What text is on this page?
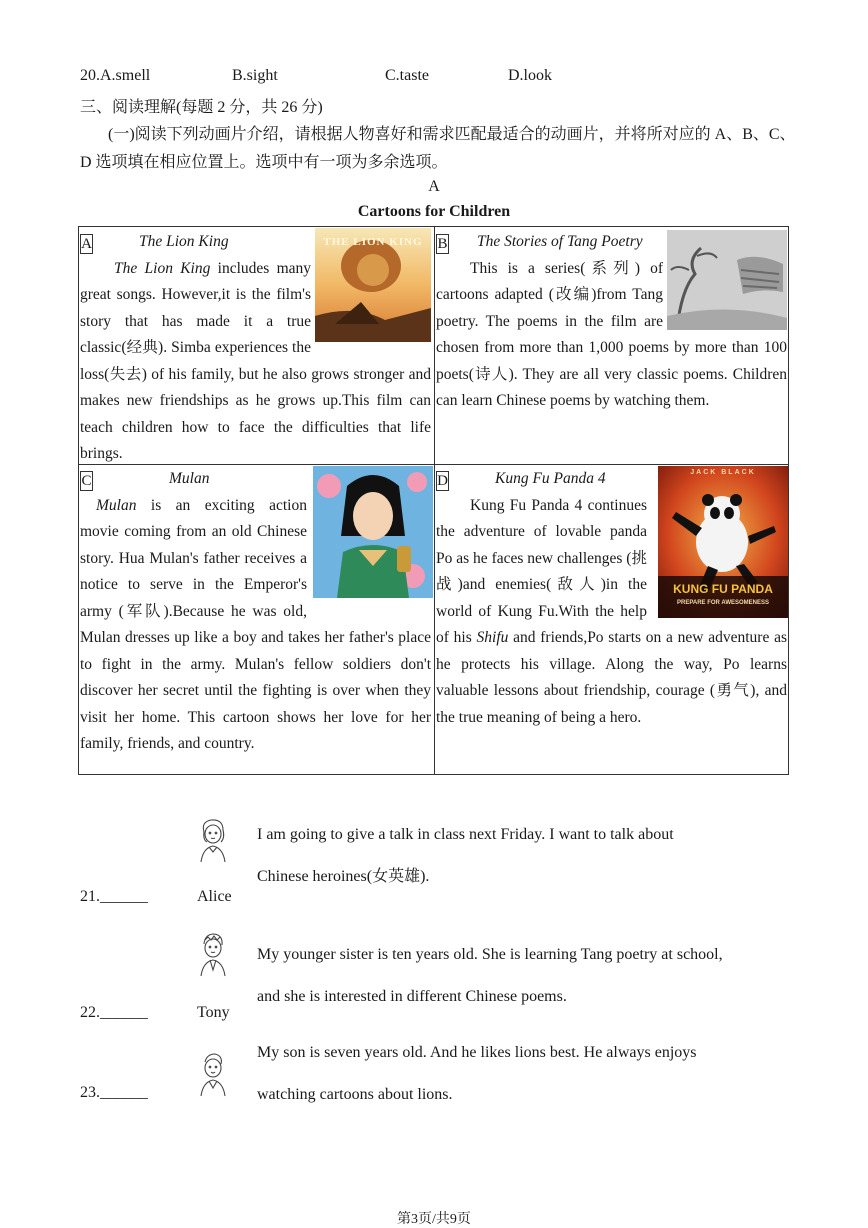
20.A.smell	B.sight	C.taste	D.look
三、阅读理解(每题 2 分，共 26 分)
(一)阅读下列动画片介绍，请根据人物喜好和需求匹配最适合的动画片，并将所对应的 A、B、C、D 选项填在相应位置上。选项中有一项为多余选项。
A
Cartoons for Children

A	The Lion King

The Lion King includes many great songs. However,it is the film's story that has made it a true classic(经典). Simba experiences the loss(失去) of his family, but he also grows stronger and makes new friendships as he grows up.This film can teach children how to face the difficulties that life brings.

THE LION KING B The Stories of Tang Poetry

This is a series(系列) of cartoons adapted (改编)from Tang poetry. The poems in the film are chosen from more than 1,000 poems by more than 100 poets(诗人). They are all very classic poems. Children can learn Chinese poems by watching them.

C	Mulan

Mulan is an exciting action movie coming from an old Chinese story. Hua Mulan's father receives a notice to serve in the Emperor's army (军队).Because he was old, Mulan dresses up like a boy and takes her father's place to fight in the army. Mulan's fellow soldiers don't discover her secret until the fighting is over when they visit her home. This cartoon shows her love for her family, friends, and country.

D	Kung Fu Panda 4

Kung Fu Panda 4 continues the adventure of lovable panda Po as he faces new challenges (挑战)and enemies(敌人)in the world of Kung Fu.With the help of his Shifu and friends,Po starts on a new adventure as he protects his village. Along the way, Po learns valuable lessons about friendship, courage (勇气), and the true meaning of being a hero.

JACK BLACK
KUNG FU PANDA
PREPARE FOR AWESOMENESS
I am going to give a talk in class next Friday. I want to talk about Chinese heroines(女英雄).
21.______	Alice
My younger sister is ten years old. She is learning Tang poetry at school, and she is interested in different Chinese poems.
22.______	Tony
My son is seven years old. And he likes lions best. He always enjoys watching cartoons about lions.
23.______
第3页/共9页
